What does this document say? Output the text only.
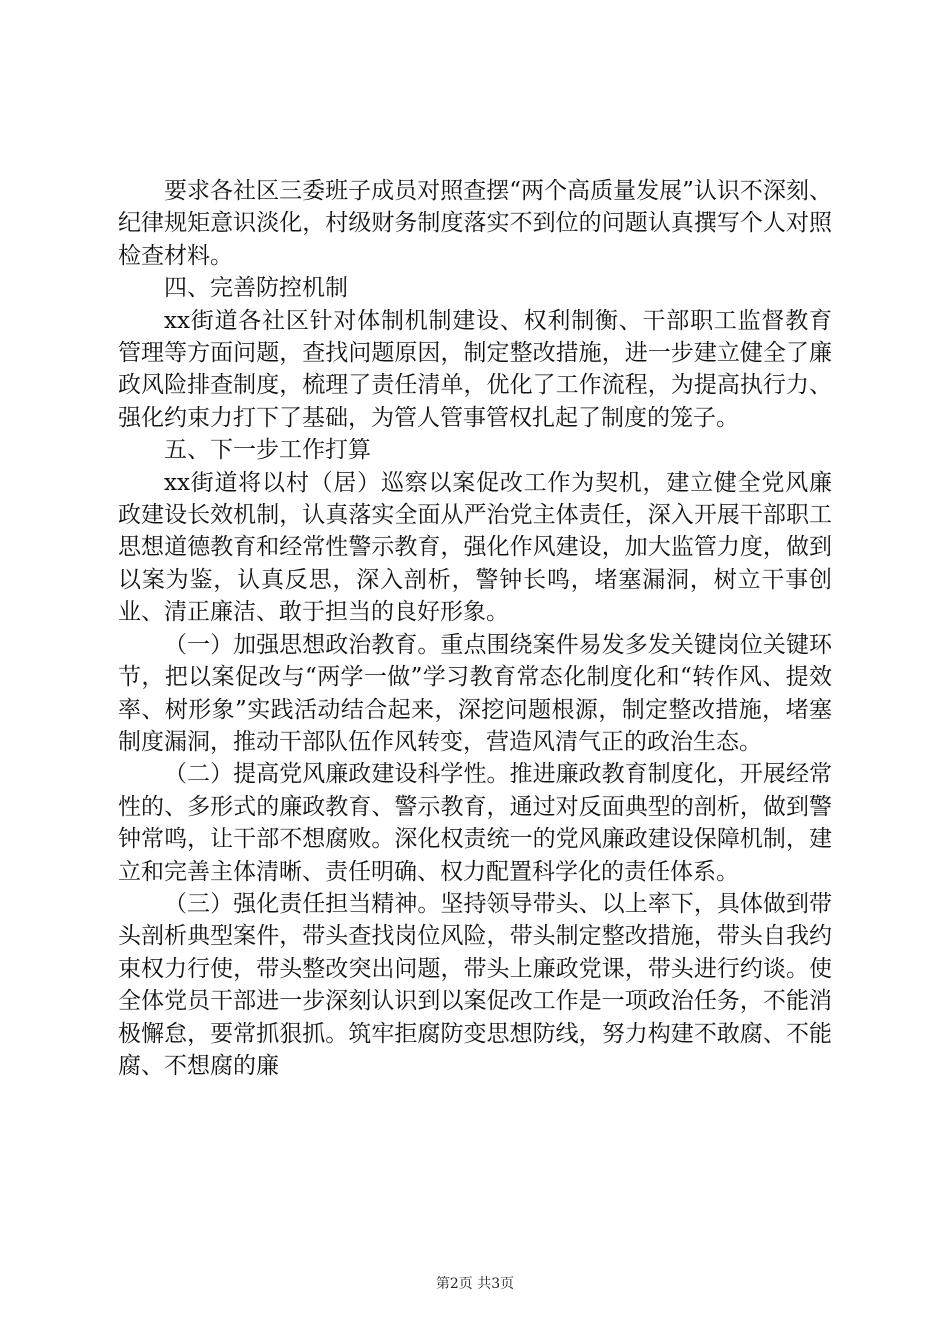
要求各社区三委班子成员对照查摆“两个高质量发展”认识不深刻、纪律规矩意识淡化，村级财务制度落实不到位的问题认真撰写个人对照检查材料。

四、完善防控机制

xx街道各社区针对体制机制建设、权利制衡、干部职工监督教育管理等方面问题，查找问题原因，制定整改措施，进一步建立健全了廉政风险排查制度，梳理了责任清单，优化了工作流程，为提高执行力、强化约束力打下了基础，为管人管事管权扎起了制度的笼子。

五、下一步工作打算

xx街道将以村（居）巡察以案促改工作为契机，建立健全党风廉政建设长效机制，认真落实全面从严治党主体责任，深入开展干部职工思想道德教育和经常性警示教育，强化作风建设，加大监管力度，做到以案为鉴，认真反思，深入剖析，警钟长鸣，堵塞漏洞，树立干事创业、清正廉洁、敢于担当的良好形象。

（一）加强思想政治教育。重点围绕案件易发多发关键岗位关键环节，把以案促改与“两学一做”学习教育常态化制度化和“转作风、提效率、树形象”实践活动结合起来，深挖问题根源，制定整改措施，堵塞制度漏洞，推动干部队伍作风转变，营造风清气正的政治生态。

（二）提高党风廉政建设科学性。推进廉政教育制度化，开展经常性的、多形式的廉政教育、警示教育，通过对反面典型的剖析，做到警钟常鸣，让干部不想腐败。深化权责统一的党风廉政建设保障机制，建立和完善主体清晰、责任明确、权力配置科学化的责任体系。

（三）强化责任担当精神。坚持领导带头、以上率下，具体做到带头剖析典型案件，带头查找岗位风险，带头制定整改措施，带头自我约束权力行使，带头整改突出问题，带头上廉政党课，带头进行约谈。使全体党员干部进一步深刻认识到以案促改工作是一项政治任务，不能消极懈怠，要常抓狠抓。筑牢拒腐防变思想防线，努力构建不敢腐、不能腐、不想腐的廉

第2页 共3页
